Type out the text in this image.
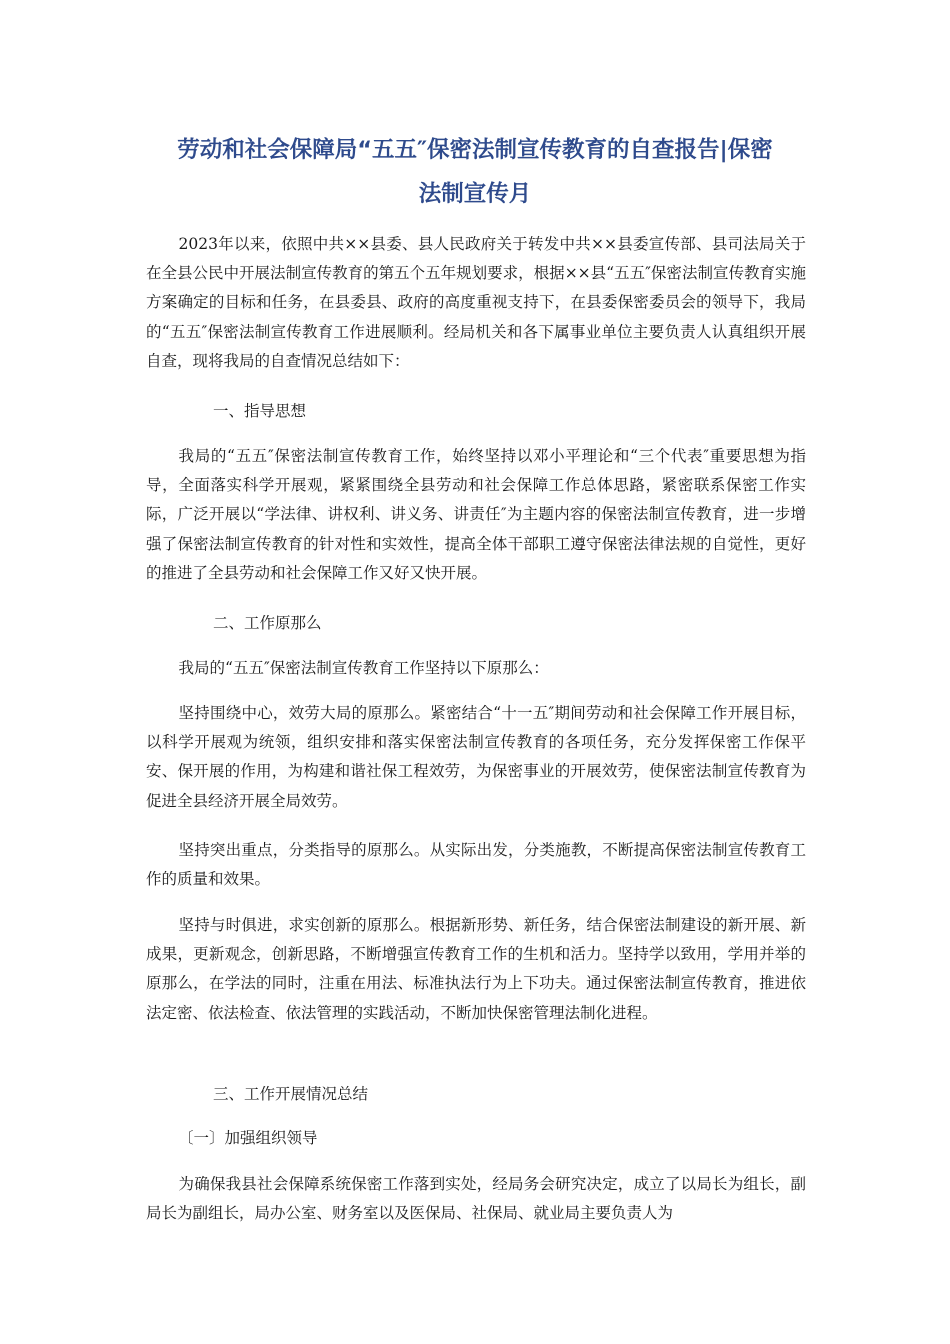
劳动和社会保障局“五五″保密法制宣传教育的自查报告|保密
法制宣传月
2023年以来，依照中共××县委、县人民政府关于转发中共××县委宣传部、县司法局关于在全县公民中开展法制宣传教育的第五个五年规划要求，根据××县“五五″保密法制宣传教育实施方案确定的目标和任务，在县委县、政府的高度重视支持下，在县委保密委员会的领导下，我局的“五五″保密法制宣传教育工作进展顺利。经局机关和各下属事业单位主要负责人认真组织开展自查，现将我局的自查情况总结如下：
一、指导思想
我局的“五五″保密法制宣传教育工作，始终坚持以邓小平理论和“三个代表″重要思想为指导，全面落实科学开展观，紧紧围绕全县劳动和社会保障工作总体思路，紧密联系保密工作实际，广泛开展以“学法律、讲权利、讲义务、讲责任″为主题内容的保密法制宣传教育，进一步增强了保密法制宣传教育的针对性和实效性，提高全体干部职工遵守保密法律法规的自觉性，更好的推进了全县劳动和社会保障工作又好又快开展。
二、工作原那么
我局的“五五″保密法制宣传教育工作坚持以下原那么：
坚持围绕中心，效劳大局的原那么。紧密结合“十一五″期间劳动和社会保障工作开展目标，以科学开展观为统领，组织安排和落实保密法制宣传教育的各项任务，充分发挥保密工作保平安、保开展的作用，为构建和谐社保工程效劳，为保密事业的开展效劳，使保密法制宣传教育为促进全县经济开展全局效劳。
坚持突出重点，分类指导的原那么。从实际出发，分类施教，不断提高保密法制宣传教育工作的质量和效果。
坚持与时俱进，求实创新的原那么。根据新形势、新任务，结合保密法制建设的新开展、新成果，更新观念，创新思路，不断增强宣传教育工作的生机和活力。坚持学以致用，学用并举的原那么，在学法的同时，注重在用法、标准执法行为上下功夫。通过保密法制宣传教育，推进依法定密、依法检查、依法管理的实践活动，不断加快保密管理法制化进程。
三、工作开展情况总结
〔一〕加强组织领导
为确保我县社会保障系统保密工作落到实处，经局务会研究决定，成立了以局长为组长，副局长为副组长，局办公室、财务室以及医保局、社保局、就业局主要负责人为
